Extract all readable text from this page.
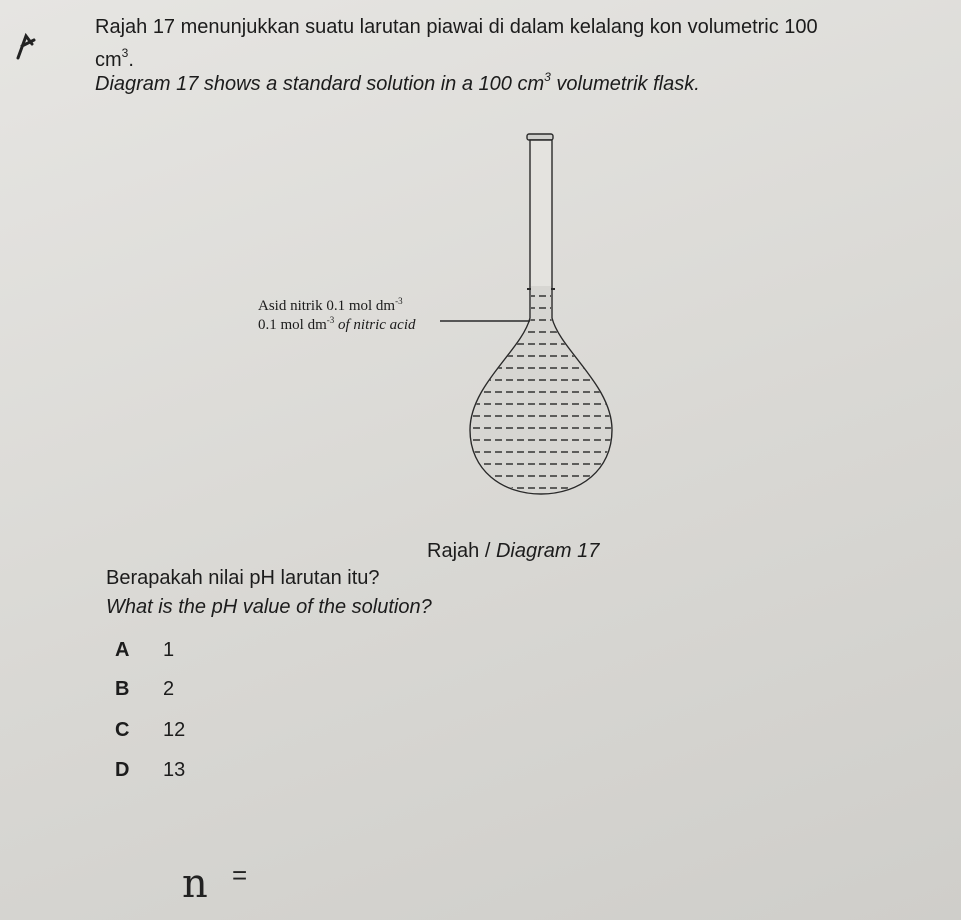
Rajah 17 menunjukkan suatu larutan piawai di dalam kelalang kon volumetric 100
$cm^3$.
Diagram 17 shows a standard solution in a 100 $cm^3$ volumetrik flask.
Asid nitrik 0.1 mol $dm^{-3}$
0.1 mol $dm^{-3}$ of nitric acid
Rajah / Diagram 17
Berapakah nilai pH larutan itu?
What is the pH value of the solution?
A 1
B 2
C 12
D 13
n =
